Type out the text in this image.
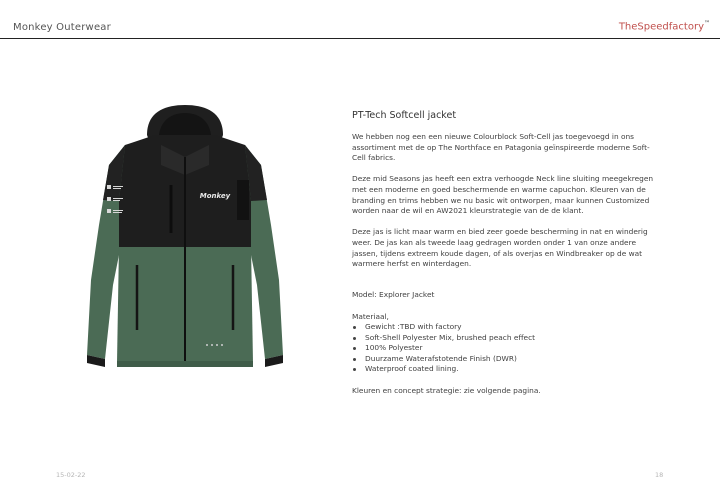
Monkey Outerwear	TheSpeedfactory™
Monkey
PT-Tech Softcell jacket

We hebben nog een een nieuwe Colourblock Soft-Cell jas toegevoegd in ons assortiment met de op The Northface en Patagonia geïnspireerde moderne Soft-Cell fabrics.

Deze mid Seasons jas heeft een extra verhoogde Neck line sluiting meegekregen met een moderne en goed beschermende en warme capuchon. Kleuren van de branding en trims hebben we nu basic wit ontworpen, maar kunnen Customized worden naar de wil en AW2021 kleurstrategie van de de klant.

Deze jas is licht maar warm en bied zeer goede bescherming in nat en winderig weer. De jas kan als tweede laag gedragen worden onder 1 van onze andere jassen, tijdens extreem koude dagen, of als overjas en Windbreaker op de wat warmere herfst en winterdagen.

Model: Explorer Jacket
Materiaal,
Gewicht :TBD with factory
Soft-Shell Polyester Mix, brushed peach effect
100% Polyester
Duurzame Waterafstotende Finish (DWR)
Waterproof coated lining.

Kleuren en concept strategie: zie volgende pagina.

15-02-22	18
